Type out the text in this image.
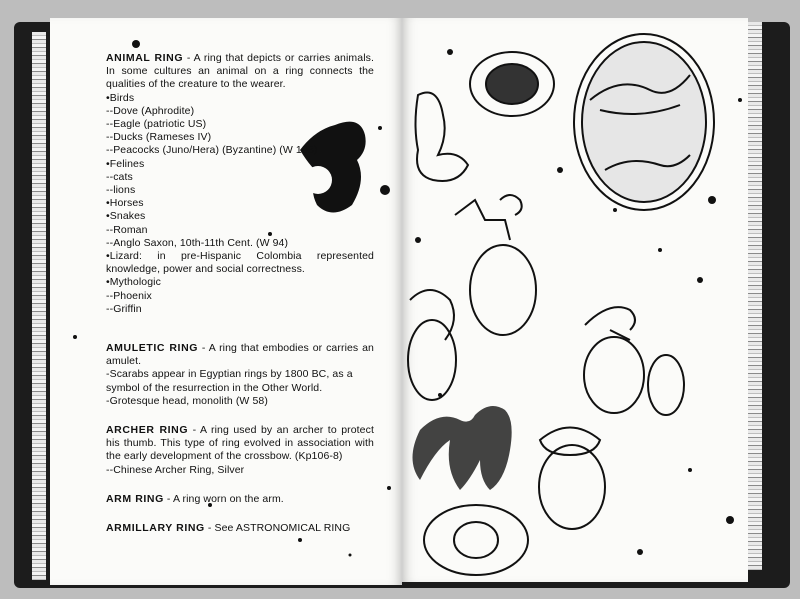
ANIMAL RING - A ring that depicts or carries animals. In some cultures an animal on a ring connects the qualities of the creature to the wearer.

•Birds
--Dove (Aphrodite)
--Eagle (patriotic US)
--Ducks (Rameses IV)
--Peacocks (Juno/Hera) (Byzantine) (W 105)
•Felines
--cats
--lions
•Horses
•Snakes
--Roman
--Anglo Saxon, 10th-11th Cent. (W 94)
•Lizard: in pre-Hispanic Colombia represented knowledge, power and social correctness.
•Mythologic
--Phoenix
--Griffin

AMULETIC RING - A ring that embodies or carries an amulet.

-Scarabs appear in Egyptian rings by 1800 BC, as a symbol of the resurrection in the Other World.
-Grotesque head, monolith (W 58)

ARCHER RING - A ring used by an archer to protect his thumb. This type of ring evolved in association with the early development of the crossbow. (Kp106-8)

--Chinese Archer Ring, Silver

ARM RING - A ring worn on the arm.

ARMILLARY RING - See ASTRONOMICAL RING
